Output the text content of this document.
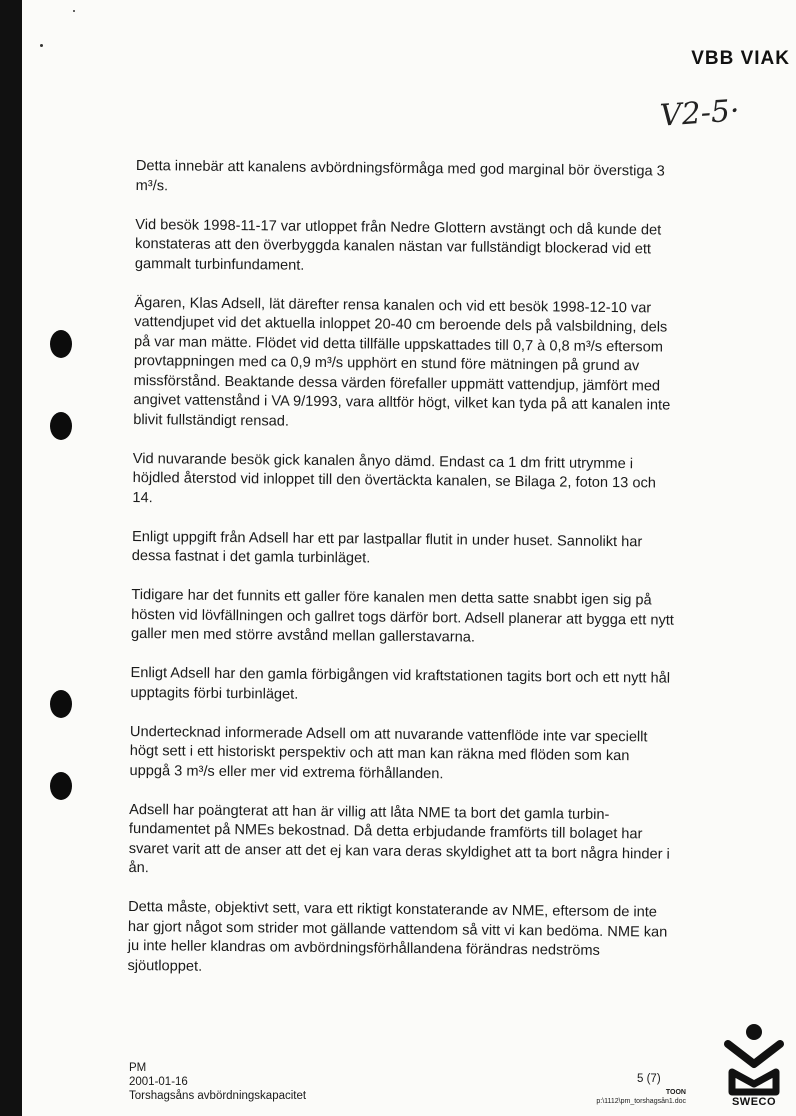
VBB VIAK
V2-5·

Detta innebär att kanalens avbördningsförmåga med god marginal bör överstiga 3 m³/s.

Vid besök 1998-11-17 var utloppet från Nedre Glottern avstängt och då kunde det konstateras att den överbyggda kanalen nästan var fullständigt blockerad vid ett gammalt turbinfundament.

Ägaren, Klas Adsell, lät därefter rensa kanalen och vid ett besök 1998-12-10 var vattendjupet vid det aktuella inloppet 20-40 cm beroende dels på valsbildning, dels på var man mätte. Flödet vid detta tillfälle uppskattades till 0,7 à 0,8 m³/s eftersom provtappningen med ca 0,9 m³/s upphört en stund före mätningen på grund av missförstånd. Beaktande dessa värden förefaller uppmätt vattendjup, jämfört med angivet vattenstånd i VA 9/1993, vara alltför högt, vilket kan tyda på att kanalen inte blivit fullständigt rensad.

Vid nuvarande besök gick kanalen ånyo dämd. Endast ca 1 dm fritt utrymme i höjdled återstod vid inloppet till den övertäckta kanalen, se Bilaga 2, foton 13 och 14.

Enligt uppgift från Adsell har ett par lastpallar flutit in under huset. Sannolikt har dessa fastnat i det gamla turbinläget.

Tidigare har det funnits ett galler före kanalen men detta satte snabbt igen sig på hösten vid lövfällningen och gallret togs därför bort. Adsell planerar att bygga ett nytt galler men med större avstånd mellan gallerstavarna.

Enligt Adsell har den gamla förbigången vid kraftstationen tagits bort och ett nytt hål upptagits förbi turbinläget.

Undertecknad informerade Adsell om att nuvarande vattenflöde inte var speciellt högt sett i ett historiskt perspektiv och att man kan räkna med flöden som kan uppgå 3 m³/s eller mer vid extrema förhållanden.

Adsell har poängterat att han är villig att låta NME ta bort det gamla turbin-fundamentet på NMEs bekostnad. Då detta erbjudande framförts till bolaget har svaret varit att de anser att det ej kan vara deras skyldighet att ta bort några hinder i ån.

Detta måste, objektivt sett, vara ett riktigt konstaterande av NME, eftersom de inte har gjort något som strider mot gällande vattendom så vitt vi kan bedöma. NME kan ju inte heller klandras om avbördningsförhållandena förändras nedströms sjöutloppet.

PM
2001-01-16
Torshagsåns avbördningskapacitet
5 (7)
TOON
p:\1112\pm_torshagsån1.doc	SWECO
